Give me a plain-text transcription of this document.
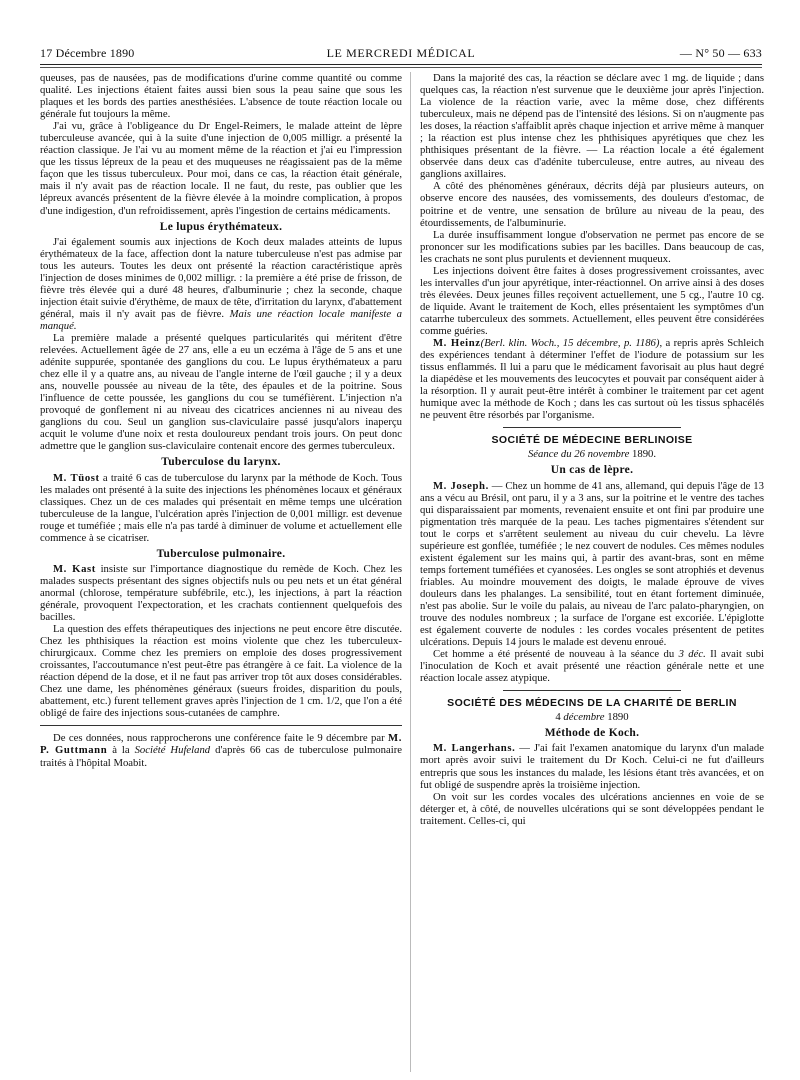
17 Décembre 1890	LE MERCREDI MÉDICAL	— N° 50 — 633

queuses, pas de nausées, pas de modifications d'urine comme quantité ou comme qualité. Les injections étaient faites aussi bien sous la peau saine que sous les plaques et les bords des parties anesthésiées. L'absence de toute réaction locale ou générale fut toujours la même.

J'ai vu, grâce à l'obligeance du Dr Engel-Reimers, le malade atteint de lèpre tuberculeuse avancée, qui à la suite d'une injection de 0,005 milligr. a présenté la réaction classique. Je l'ai vu au moment même de la réaction et j'ai eu l'impression que les tissus lépreux de la peau et des muqueuses ne réagissaient pas de la même façon que les tissus tuberculeux. Pour moi, dans ce cas, la réaction était générale, mais il n'y avait pas de réaction locale. Il ne faut, du reste, pas oublier que les lépreux avancés présentent de la fièvre élevée à la moindre complication, à propos d'une indigestion, d'un refroidissement, après l'ingestion de certains médicaments.

Le lupus érythémateux.

J'ai également soumis aux injections de Koch deux malades atteints de lupus érythémateux de la face, affection dont la nature tuberculeuse n'est pas admise par tous les auteurs. Toutes les deux ont présenté la réaction caractéristique après l'injection de doses minimes de 0,002 milligr. : la première a été prise de frisson, de fièvre très élevée qui a duré 48 heures, d'albuminurie ; chez la seconde, chaque injection était suivie d'érythème, de maux de tête, d'irritation du larynx, d'abattement général, mais il n'y avait pas de fièvre. Mais une réaction locale manifeste a manqué.

La première malade a présenté quelques particularités qui méritent d'être relevées. Actuellement âgée de 27 ans, elle a eu un eczéma à l'âge de 5 ans et une adénite suppurée, spontanée des ganglions du cou. Le lupus érythémateux a paru chez elle il y a quatre ans, au niveau de l'angle interne de l'œil gauche ; il y a deux ans, nouvelle poussée au niveau de la tête, des épaules et de la poitrine. Sous l'influence de cette poussée, les ganglions du cou se tuméfièrent. L'injection n'a provoqué de gonflement ni au niveau des cicatrices anciennes ni au niveau des ganglions du cou. Seul un ganglion sus-claviculaire passé jusqu'alors inaperçu acquit le volume d'une noix et resta douloureux pendant trois jours. On peut donc admettre que le ganglion sus-claviculaire contenait encore des germes tuberculeux.

Tuberculose du larynx.

M. Tüost a traité 6 cas de tuberculose du larynx par la méthode de Koch. Tous les malades ont présenté à la suite des injections les phénomènes locaux et généraux classiques. Chez un de ces malades qui présentait en même temps une ulcération tuberculeuse de la langue, l'ulcération après l'injection de 0,001 milligr. est devenue rouge et tuméfiée ; mais elle n'a pas tardé à diminuer de volume et actuellement elle commence à se cicatriser.

Tuberculose pulmonaire.

M. Kast insiste sur l'importance diagnostique du remède de Koch. Chez les malades suspects présentant des signes objectifs nuls ou peu nets et un état général anormal (chlorose, température subfébrile, etc.), les injections, à part la réaction générale, provoquent l'expectoration, et les crachats contiennent quelquefois des bacilles.

La question des effets thérapeutiques des injections ne peut encore être discutée. Chez les phthisiques la réaction est moins violente que chez les tuberculeux-chirurgicaux. Comme chez les premiers on emploie des doses progressivement croissantes, l'accoutumance n'est peut-être pas étrangère à ce fait. La violence de la réaction dépend de la dose, et il ne faut pas arriver trop tôt aux doses considérables. Chez une dame, les phénomènes généraux (sueurs froides, disparition du pouls, abattement, etc.) furent tellement graves après l'injection de 1 cm. 1/2, que l'on a été obligé de faire des injections sous-cutanées de camphre.

De ces données, nous rapprocherons une conférence faite le 9 décembre par M. P. Guttmann à la Société Hufeland d'après 66 cas de tuberculose pulmonaire traités à l'hôpital Moabit.

Dans la majorité des cas, la réaction se déclare avec 1 mg. de liquide ; dans quelques cas, la réaction n'est survenue que le deuxième jour après l'injection. La violence de la réaction varie, avec la même dose, chez différents tuberculeux, mais ne dépend pas de l'intensité des lésions. Si on n'augmente pas les doses, la réaction s'affaiblit après chaque injection et arrive même à manquer ; la réaction est plus intense chez les phthisiques apyrétiques que chez les phthisiques présentant de la fièvre. — La réaction locale a été également observée dans deux cas d'adénite tuberculeuse, entre autres, au niveau des ganglions axillaires.

A côté des phénomènes généraux, décrits déjà par plusieurs auteurs, on observe encore des nausées, des vomissements, des douleurs d'estomac, de poitrine et de ventre, une sensation de brûlure au niveau de la peau, des étourdissements, de l'albuminurie.

La durée insuffisamment longue d'observation ne permet pas encore de se prononcer sur les modifications subies par les bacilles. Dans beaucoup de cas, les crachats ne sont plus purulents et deviennent muqueux.

Les injections doivent être faites à doses progressivement croissantes, avec les intervalles d'un jour apyrétique, inter-réactionnel. On arrive ainsi à des doses très élevées. Deux jeunes filles reçoivent actuellement, une 5 cg., l'autre 10 cg. de liquide. Avant le traitement de Koch, elles présentaient les symptômes d'un catarrhe tuberculeux des sommets. Actuellement, elles peuvent être considérées comme guéries.

M. Heinz(Berl. klin. Woch., 15 décembre, p. 1186), a repris après Schleich des expériences tendant à déterminer l'effet de l'iodure de potassium sur les tissus enflammés. Il lui a paru que le médicament favorisait au plus haut degré la diapédèse et les mouvements des leucocytes et pouvait par conséquent aider à la résorption. Il y aurait peut-être intérêt à combiner le traitement par cet agent humique avec la méthode de Koch ; dans les cas surtout où les tissus sphacélés ne peuvent être résorbés par l'organisme.

SOCIÉTÉ DE MÉDECINE BERLINOISE
Séance du 26 novembre 1890.
Un cas de lèpre.

M. Joseph. — Chez un homme de 41 ans, allemand, qui depuis l'âge de 13 ans a vécu au Brésil, ont paru, il y a 3 ans, sur la poitrine et le ventre des taches qui disparaissaient par moments, revenaient ensuite et ont fini par produire une pigmentation très marquée de la peau. Les taches pigmentaires s'étendent sur tout le corps et s'arrêtent seulement au niveau du cuir chevelu. La lèvre supérieure est gonflée, tuméfiée ; le nez couvert de nodules. Ces mêmes nodules existent également sur les mains qui, à partir des avant-bras, sont en même temps fortement tuméfiées et cyanosées. Les ongles se sont atrophiés et devenus friables. Au moindre mouvement des doigts, le malade éprouve de vives douleurs dans les phalanges. La sensibilité, tout en étant fortement diminuée, n'est pas abolie. Sur le voile du palais, au niveau de l'arc palato-pharyngien, on trouve des nodules nombreux ; la surface de l'organe est excoriée. L'épiglotte est également couverte de nodules : les cordes vocales présentent de petites ulcérations. Depuis 14 jours le malade est devenu enroué.

Cet homme a été présenté de nouveau à la séance du 3 déc. Il avait subi l'inoculation de Koch et avait présenté une réaction générale nette et une réaction locale assez atypique.

SOCIÉTÉ DES MÉDECINS DE LA CHARITÉ DE BERLIN
4 décembre 1890
Méthode de Koch.

M. Langerhans. — J'ai fait l'examen anatomique du larynx d'un malade mort après avoir suivi le traitement du Dr Koch. Celui-ci ne fut d'ailleurs entrepris que sous les instances du malade, les lésions étant très avancées, et on fut obligé de suspendre après la troisième injection.

On voit sur les cordes vocales des ulcérations anciennes en voie de se déterger et, à côté, de nouvelles ulcérations qui se sont développées pendant le traitement. Celles-ci, qui
